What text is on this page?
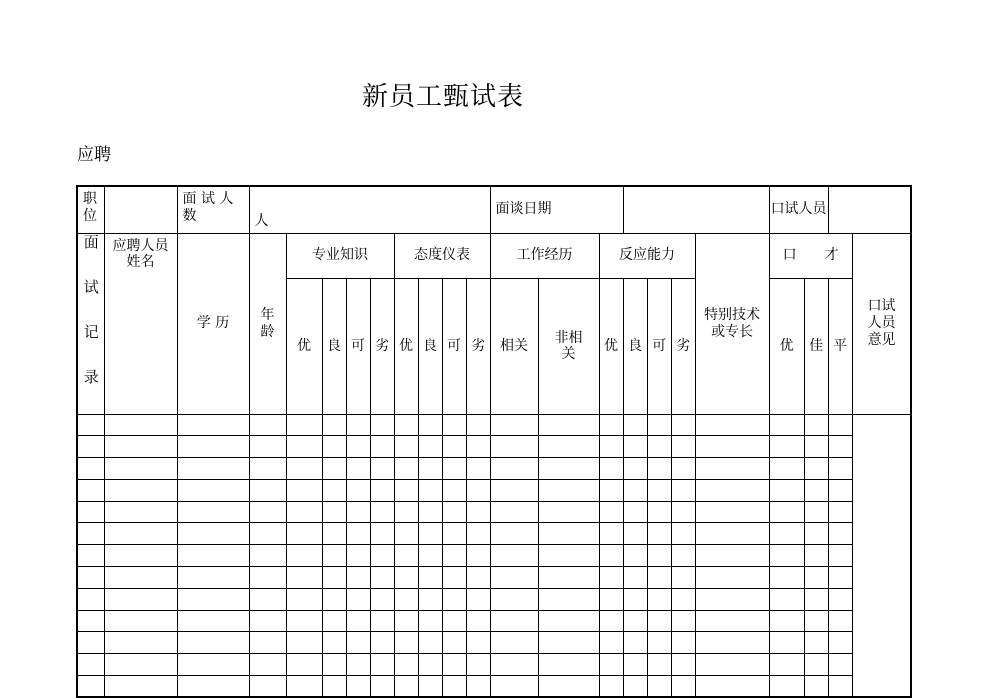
新员工甄试表
应聘
职 位		面 试 人 数	人									面谈日期							口试人员			

面试记录	应聘人员姓名	学 历	年 龄	专业知识				态度仪表				工作经历		反应能力				特别技术或专长	口　　才			口试人员意见
				优	良	可	劣	优	良	可	劣	相关	非相关	优	良	可	劣		优	佳	平	
